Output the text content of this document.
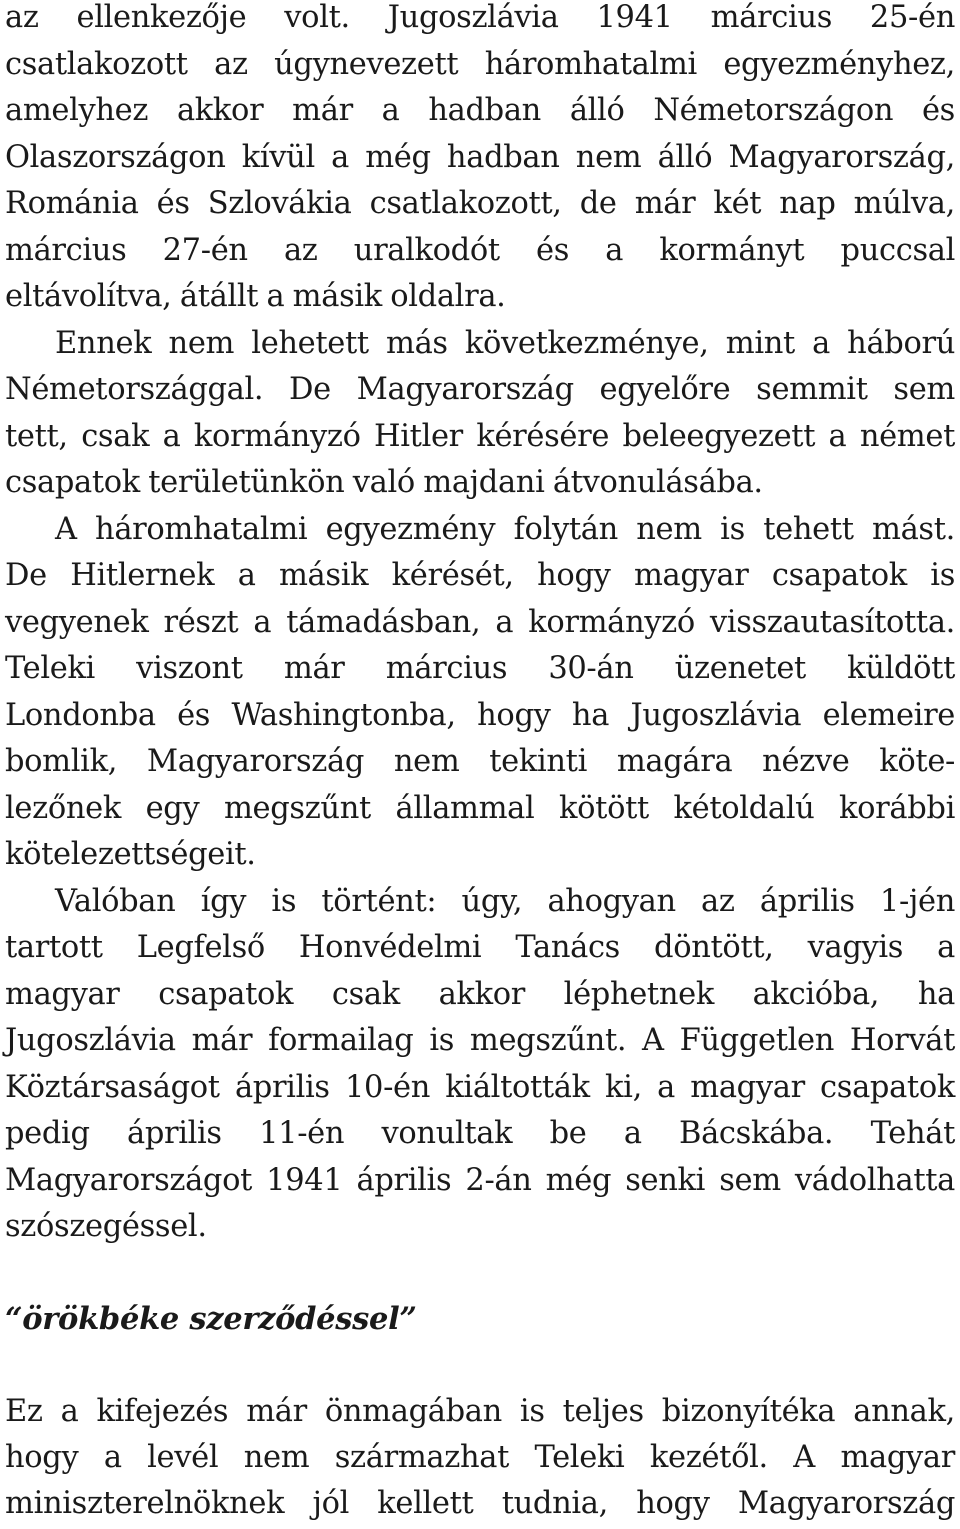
az ellenkezője volt. Jugoszlávia 1941 március 25-én
csatlakozott az úgynevezett háromhatalmi egyezményhez,
amelyhez akkor már a hadban álló Németországon és
Olaszországon kívül a még hadban nem álló Magyarország,
Románia és Szlovákia csatlakozott, de már két nap múlva,
március 27-én az uralkodót és a kormányt puccsal
eltávolítva, átállt a másik oldalra.
Ennek nem lehetett más következménye, mint a háború
Németországgal. De Magyarország egyelőre semmit sem
tett, csak a kormányzó Hitler kérésére beleegyezett a német
csapatok területünkön való majdani átvonulásába.
A háromhatalmi egyezmény folytán nem is tehett mást.
De Hitlernek a másik kérését, hogy magyar csapatok is
vegyenek részt a támadásban, a kormányzó visszautasította.
Teleki viszont már március 30-án üzenetet küldött
Londonba és Washingtonba, hogy ha Jugoszlávia elemeire
bomlik, Magyarország nem tekinti magára nézve köte-
lezőnek egy megszűnt állammal kötött kétoldalú korábbi
kötelezettségeit.
Valóban így is történt: úgy, ahogyan az április 1-jén
tartott Legfelső Honvédelmi Tanács döntött, vagyis a
magyar csapatok csak akkor léphetnek akcióba, ha
Jugoszlávia már formailag is megszűnt. A Független Horvát
Köztársaságot április 10-én kiáltották ki, a magyar csapatok
pedig április 11-én vonultak be a Bácskába. Tehát
Magyarországot 1941 április 2-án még senki sem vádolhatta
szószegéssel.
“örökbéke szerződéssel”
Ez a kifejezés már önmagában is teljes bizonyítéka annak,
hogy a levél nem származhat Teleki kezétől. A magyar
miniszterelnöknek jól kellett tudnia, hogy Magyarország
